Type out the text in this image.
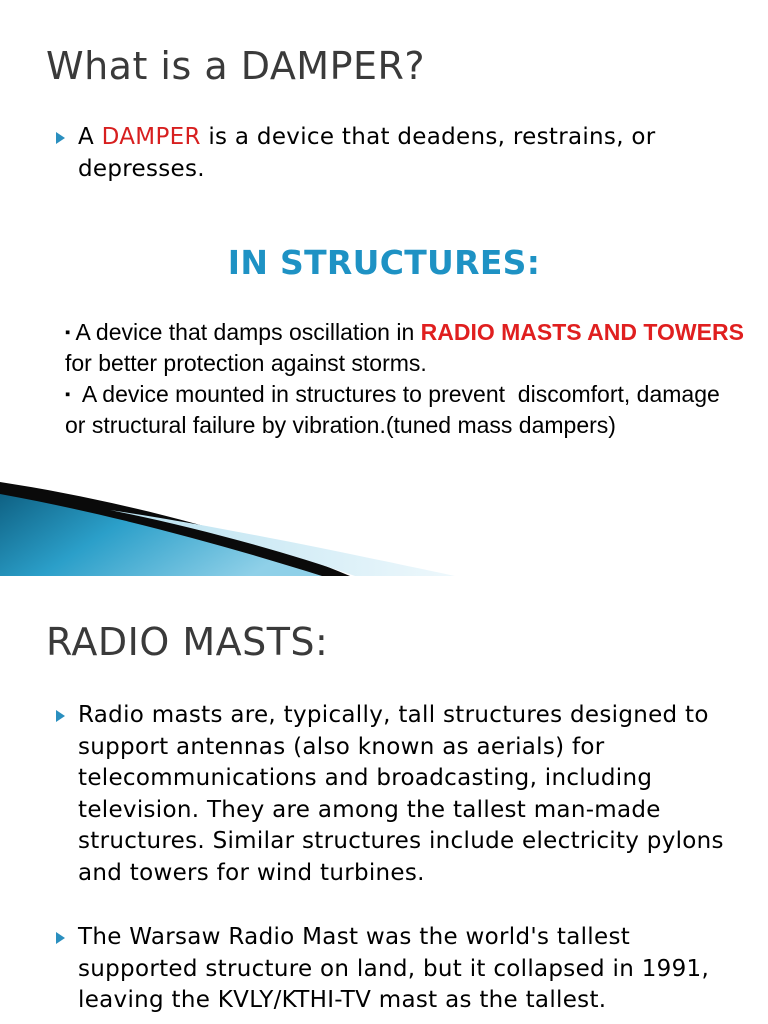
What is a DAMPER?
A DAMPER is a device that deadens, restrains, or depresses.
IN STRUCTURES:
▪ A device that damps oscillation in RADIO MASTS AND TOWERS for better protection against storms.
▪  A device mounted in structures to prevent  discomfort, damage or structural failure by vibration.(tuned mass dampers)
RADIO MASTS:
Radio masts are, typically, tall structures designed to support antennas (also known as aerials) for telecommunications and broadcasting, including television. They are among the tallest man-made structures. Similar structures include electricity pylons and towers for wind turbines.
The Warsaw Radio Mast was the world's tallest supported structure on land, but it collapsed in 1991, leaving the KVLY/KTHI-TV mast as the tallest.
